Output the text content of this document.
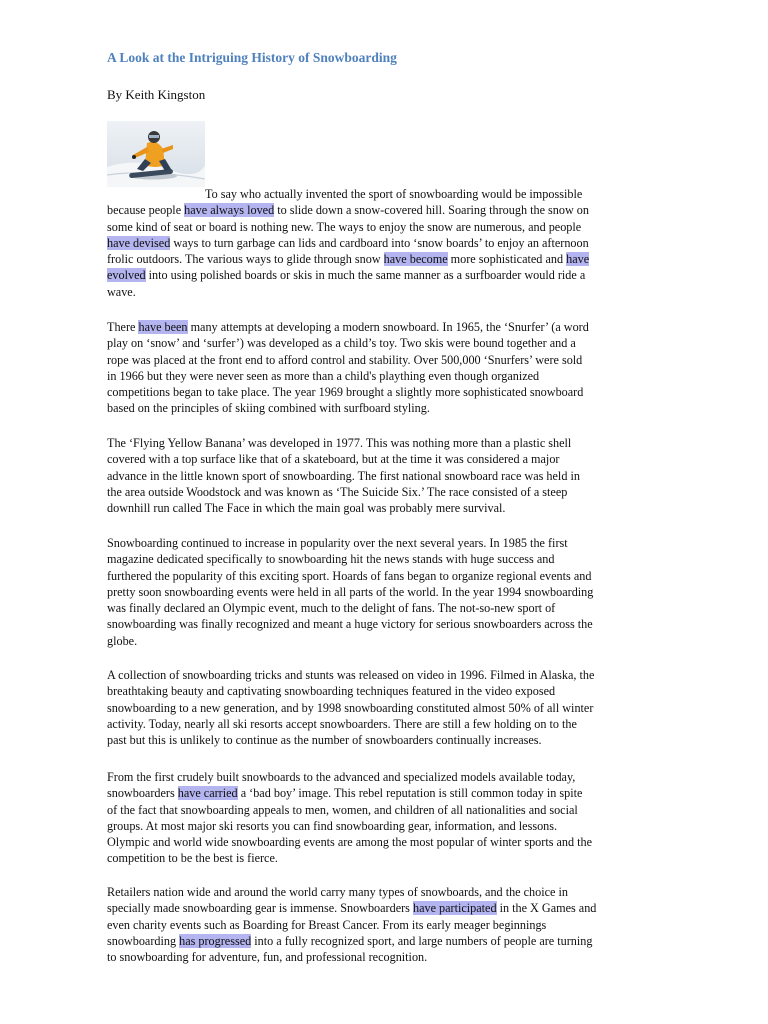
A Look at the Intriguing History of Snowboarding
By Keith Kingston
To say who actually invented the sport of snowboarding would be impossible
because people have always loved to slide down a snow-covered hill. Soaring through the snow on
some kind of seat or board is nothing new. The ways to enjoy the snow are numerous, and people
have devised ways to turn garbage can lids and cardboard into ‘snow boards’ to enjoy an afternoon
frolic outdoors. The various ways to glide through snow have become more sophisticated and have
evolved into using polished boards or skis in much the same manner as a surfboarder would ride a
wave.
There have been many attempts at developing a modern snowboard. In 1965, the ‘Snurfer’ (a word
play on ‘snow’ and ‘surfer’) was developed as a child’s toy. Two skis were bound together and a
rope was placed at the front end to afford control and stability. Over 500,000 ‘Snurfers’ were sold
in 1966 but they were never seen as more than a child's plaything even though organized
competitions began to take place. The year 1969 brought a slightly more sophisticated snowboard
based on the principles of skiing combined with surfboard styling.
The ‘Flying Yellow Banana’ was developed in 1977. This was nothing more than a plastic shell
covered with a top surface like that of a skateboard, but at the time it was considered a major
advance in the little known sport of snowboarding. The first national snowboard race was held in
the area outside Woodstock and was known as ‘The Suicide Six.’ The race consisted of a steep
downhill run called The Face in which the main goal was probably mere survival.
Snowboarding continued to increase in popularity over the next several years. In 1985 the first
magazine dedicated specifically to snowboarding hit the news stands with huge success and
furthered the popularity of this exciting sport. Hoards of fans began to organize regional events and
pretty soon snowboarding events were held in all parts of the world. In the year 1994 snowboarding
was finally declared an Olympic event, much to the delight of fans. The not-so-new sport of
snowboarding was finally recognized and meant a huge victory for serious snowboarders across the
globe.
A collection of snowboarding tricks and stunts was released on video in 1996. Filmed in Alaska, the
breathtaking beauty and captivating snowboarding techniques featured in the video exposed
snowboarding to a new generation, and by 1998 snowboarding constituted almost 50% of all winter
activity. Today, nearly all ski resorts accept snowboarders. There are still a few holding on to the
past but this is unlikely to continue as the number of snowboarders continually increases.
From the first crudely built snowboards to the advanced and specialized models available today,
snowboarders have carried a ‘bad boy’ image. This rebel reputation is still common today in spite
of the fact that snowboarding appeals to men, women, and children of all nationalities and social
groups. At most major ski resorts you can find snowboarding gear, information, and lessons.
Olympic and world wide snowboarding events are among the most popular of winter sports and the
competition to be the best is fierce.
Retailers nation wide and around the world carry many types of snowboards, and the choice in
specially made snowboarding gear is immense. Snowboarders have participated in the X Games and
even charity events such as Boarding for Breast Cancer. From its early meager beginnings
snowboarding has progressed into a fully recognized sport, and large numbers of people are turning
to snowboarding for adventure, fun, and professional recognition.
